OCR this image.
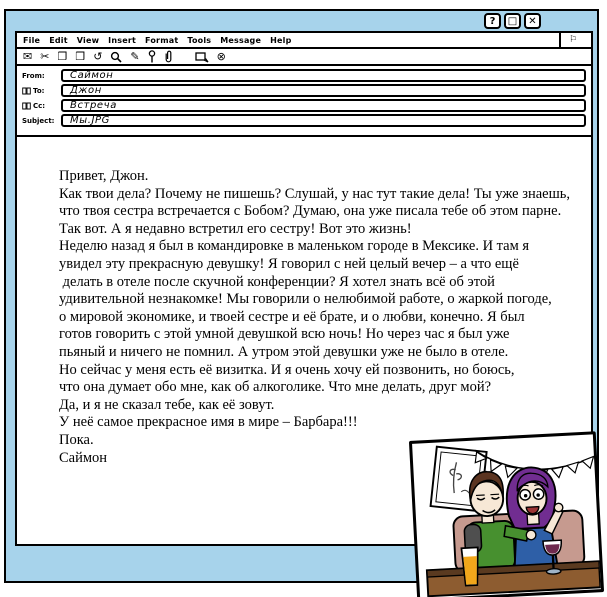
?	□	✕
File Edit View Insert Format Tools Message Help	⚐
✉ ✂ ❐ ❒ ↺	✎	⊗
From:	Саймон
To:	Джон
Cc:	Встреча
Subject:	Мы.JPG
Привет, Джон.
Как твои дела? Почему не пишешь? Слушай, у нас тут такие дела! Ты уже знаешь,
что твоя сестра встречается с Бобом? Думаю, она уже писала тебе об этом парне.
Так вот. А я недавно встретил его сестру! Вот это жизнь!
Неделю назад я был в командировке в маленьком городе в Мексике. И там я
увидел эту прекрасную девушку! Я говорил с ней целый вечер – а что ещё
делать в отеле после скучной конференции? Я хотел знать всё об этой
удивительной незнакомке! Мы говорили о нелюбимой работе, о жаркой погоде,
о мировой экономике, и твоей сестре и её брате, и о любви, конечно. Я был
готов говорить с этой умной девушкой всю ночь! Но через час я был уже
пьяный и ничего не помнил. А утром этой девушки уже не было в отеле.
Но сейчас у меня есть её визитка. И я очень хочу ей позвонить, но боюсь,
что она думает обо мне, как об алкоголике. Что мне делать, друг мой?
Да, и я не сказал тебе, как её зовут.
У неё самое прекрасное имя в мире – Барбара!!!
Пока.
Саймон
